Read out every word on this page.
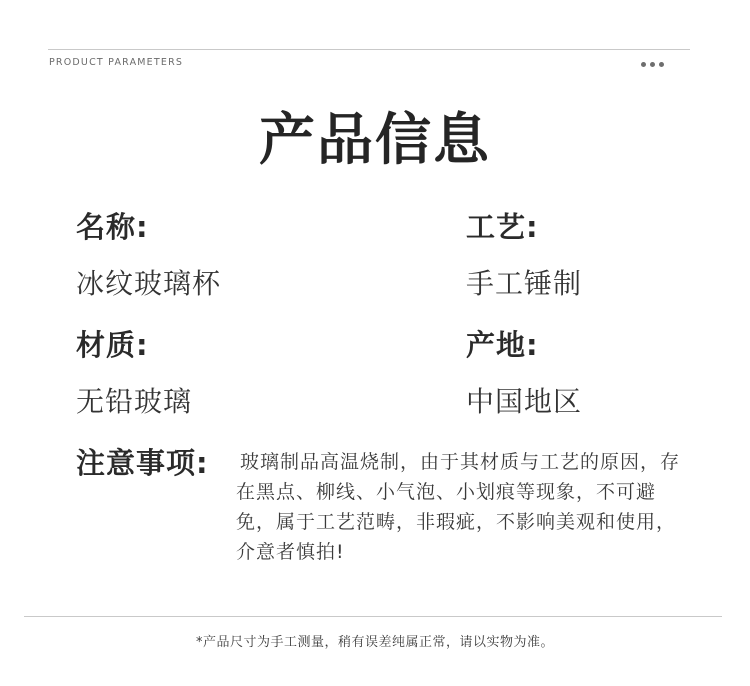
PRODUCT PARAMETERS
产品信息
名称:
冰纹玻璃杯
工艺:
手工锤制
材质:
无铅玻璃
产地:
中国地区
注意事项: 玻璃制品高温烧制，由于其材质与工艺的原因，存在黑点、柳线、小气泡、小划痕等现象，不可避免，属于工艺范畴，非瑕疵，不影响美观和使用，介意者慎拍!
*产品尺寸为手工测量，稍有误差纯属正常，请以实物为准。
